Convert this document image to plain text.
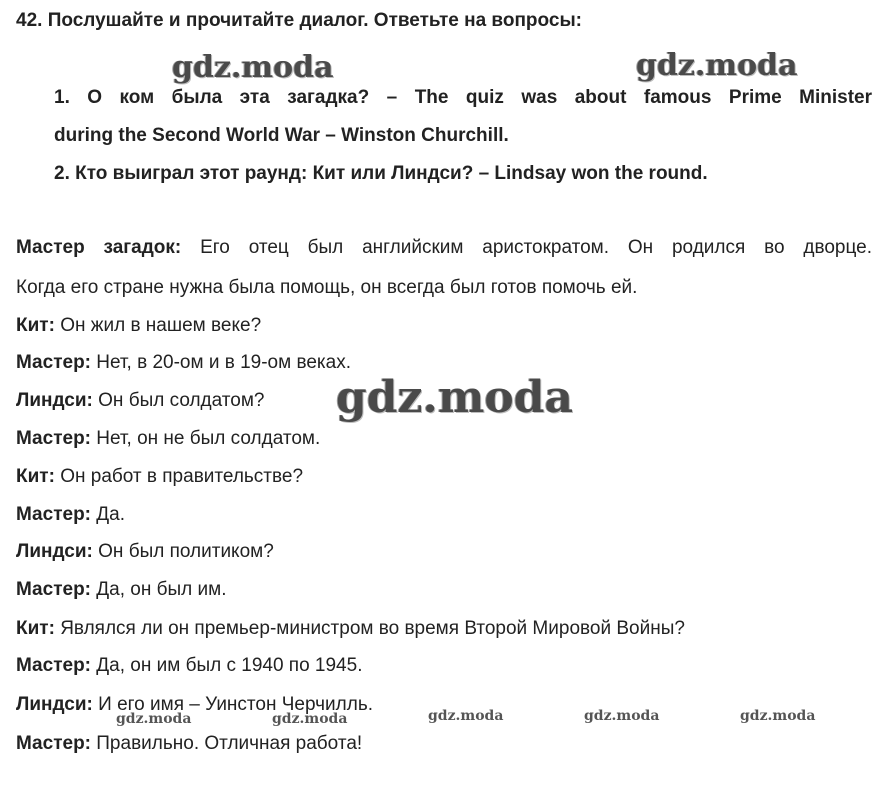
42. Послушайте и прочитайте диалог. Ответьте на вопросы:
1. О ком была эта загадка? – The quiz was about famous Prime Minister
during the Second World War – Winston Churchill.
2. Кто выиграл этот раунд: Кит или Линдси? – Lindsay won the round.
Мастер загадок: Его отец был английским аристократом. Он родился во дворце.
Когда его стране нужна была помощь, он всегда был готов помочь ей.
Кит: Он жил в нашем веке?
Мастер: Нет, в 20-ом и в 19-ом веках.
Линдси: Он был солдатом?
Мастер: Нет, он не был солдатом.
Кит: Он работ в правительстве?
Мастер: Да.
Линдси: Он был политиком?
Мастер: Да, он был им.
Кит: Являлся ли он премьер-министром во время Второй Мировой Войны?
Мастер: Да, он им был с 1940 по 1945.
Линдси: И его имя – Уинстон Черчилль.
Мастер: Правильно. Отличная работа!
gdz.moda	gdz.moda
gdz.moda
gdz.moda	gdz.moda	gdz.moda	gdz.moda	gdz.moda
